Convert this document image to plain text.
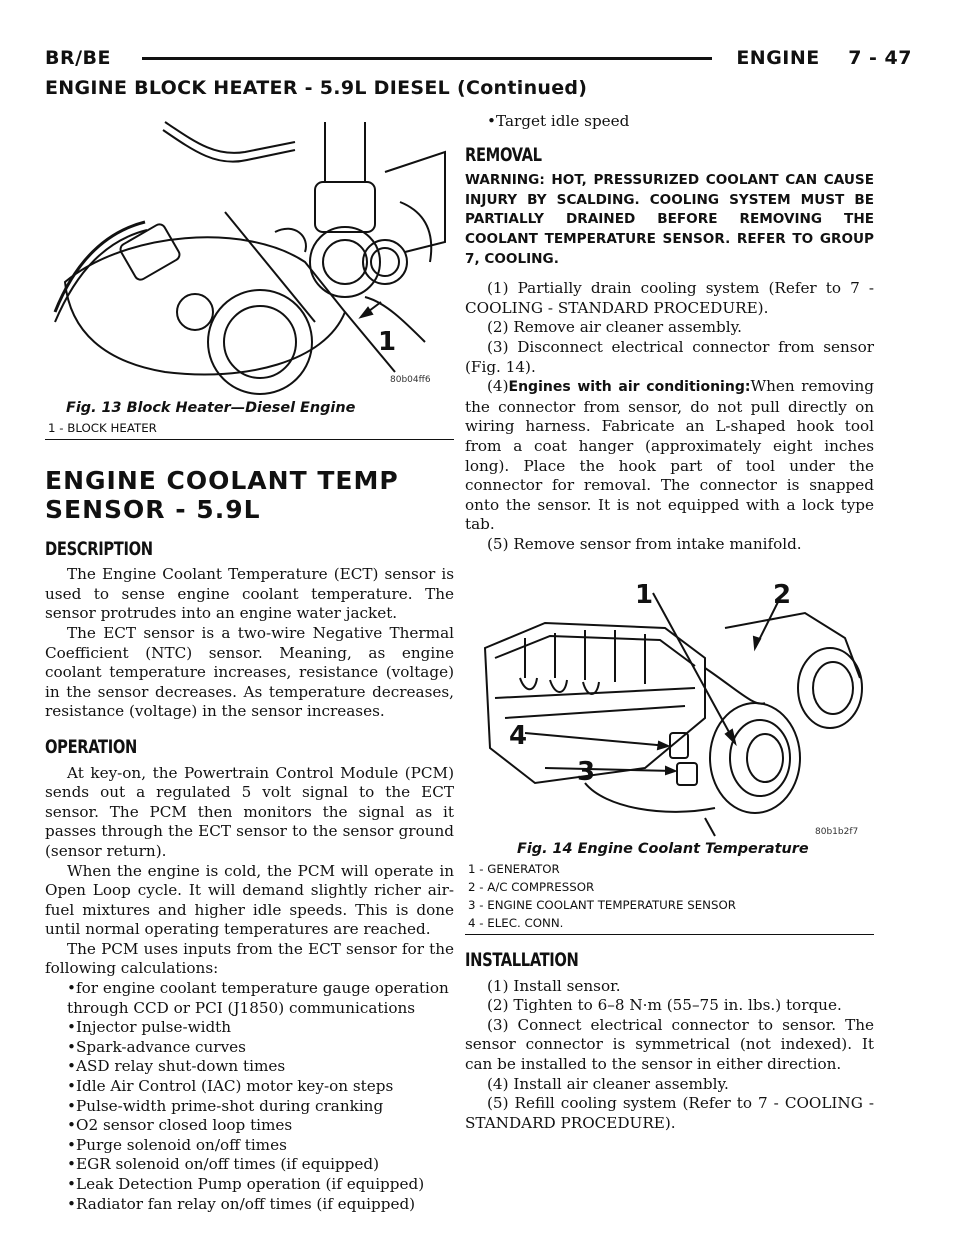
BR/BE	ENGINE    7 - 47
ENGINE BLOCK HEATER - 5.9L DIESEL (Continued)
1
80b04ff6
Fig. 13 Block Heater—Diesel Engine
1 - BLOCK HEATER
ENGINE COOLANT TEMP
SENSOR - 5.9L
DESCRIPTION

The Engine Coolant Temperature (ECT) sensor is used to sense engine coolant temperature. The sensor protrudes into an engine water jacket.

The ECT sensor is a two-wire Negative Thermal Coefficient (NTC) sensor. Meaning, as engine coolant temperature increases, resistance (voltage) in the sensor decreases. As temperature decreases, resistance (voltage) in the sensor increases.

OPERATION

At key-on, the Powertrain Control Module (PCM) sends out a regulated 5 volt signal to the ECT sensor. The PCM then monitors the signal as it passes through the ECT sensor to the sensor ground (sensor return).

When the engine is cold, the PCM will operate in Open Loop cycle. It will demand slightly richer air-fuel mixtures and higher idle speeds. This is done until normal operating temperatures are reached.

The PCM uses inputs from the ECT sensor for the following calculations:

• for engine coolant temperature gauge operation through CCD or PCI (J1850) communications

• Injector pulse-width

• Spark-advance curves

• ASD relay shut-down times

• Idle Air Control (IAC) motor key-on steps

• Pulse-width prime-shot during cranking

• O2 sensor closed loop times

• Purge solenoid on/off times

• EGR solenoid on/off times (if equipped)

• Leak Detection Pump operation (if equipped)

• Radiator fan relay on/off times (if equipped)

• Target idle speed

REMOVAL

WARNING: HOT, PRESSURIZED COOLANT CAN CAUSE INJURY BY SCALDING. COOLING SYSTEM MUST BE PARTIALLY DRAINED BEFORE REMOVING THE COOLANT TEMPERATURE SENSOR. REFER TO GROUP 7, COOLING.

(1) Partially drain cooling system (Refer to 7 - COOLING - STANDARD PROCEDURE).

(2) Remove air cleaner assembly.

(3) Disconnect electrical connector from sensor (Fig. 14).

(4)Engines with air conditioning:When removing the connector from sensor, do not pull directly on wiring harness. Fabricate an L-shaped hook tool from a coat hanger (approximately eight inches long). Place the hook part of tool under the connector for removal. The connector is snapped onto the sensor. It is not equipped with a lock type tab.

(5) Remove sensor from intake manifold.

1	2
3
4
80b1b2f7
Fig. 14 Engine Coolant Temperature
1 - GENERATOR
2 - A/C COMPRESSOR
3 - ENGINE COOLANT TEMPERATURE SENSOR
4 - ELEC. CONN.
INSTALLATION

(1) Install sensor.

(2) Tighten to 6–8 N·m (55–75 in. lbs.) torque.

(3) Connect electrical connector to sensor. The sensor connector is symmetrical (not indexed). It can be installed to the sensor in either direction.

(4) Install air cleaner assembly.

(5) Refill cooling system (Refer to 7 - COOLING - STANDARD PROCEDURE).
